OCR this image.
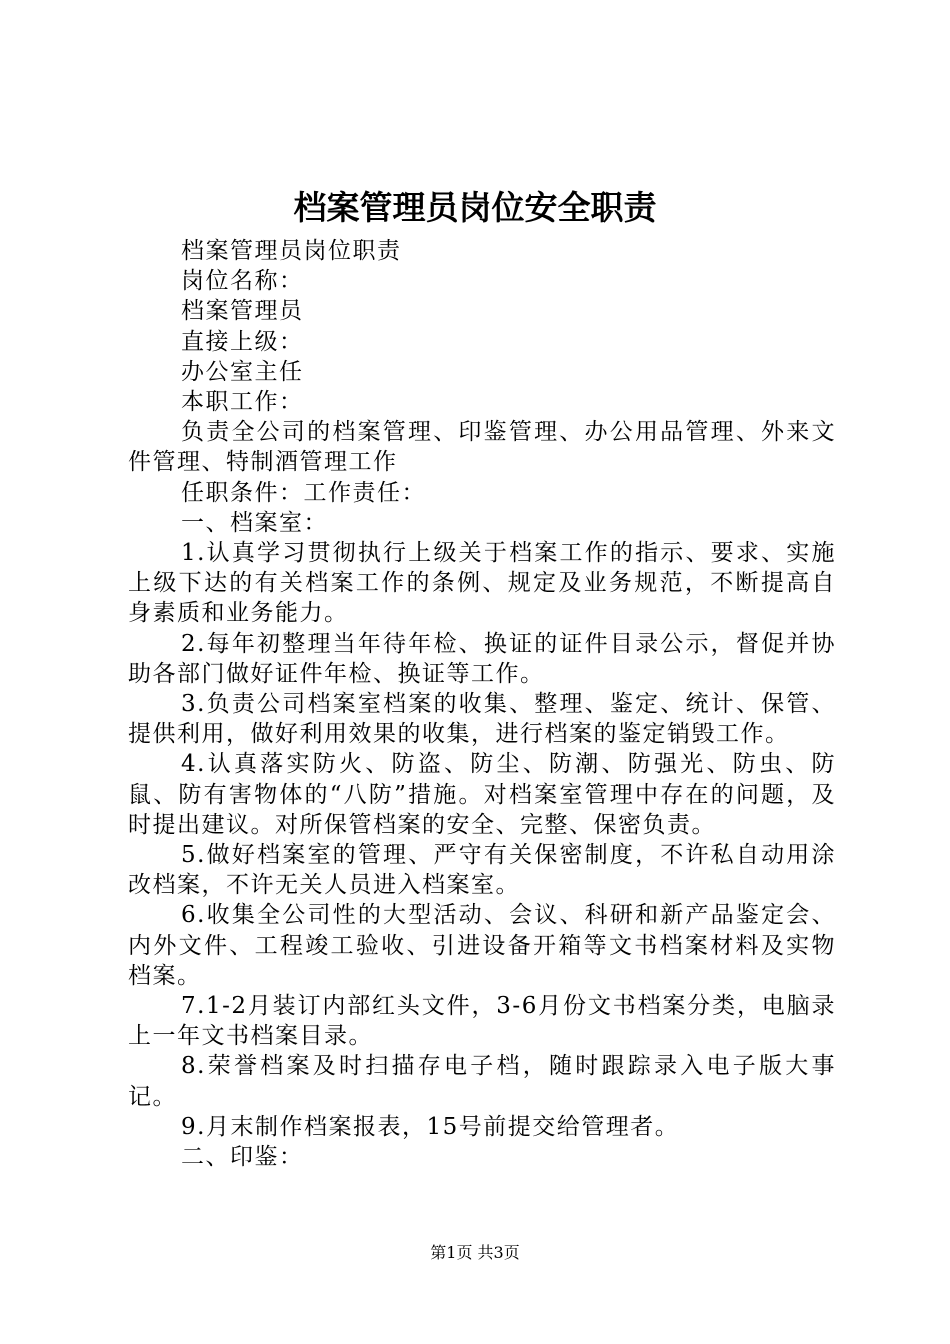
档案管理员岗位安全职责

档案管理员岗位职责

岗位名称：

档案管理员

直接上级：

办公室主任

本职工作：

负责全公司的档案管理、印鉴管理、办公用品管理、外来文件管理、特制酒管理工作

任职条件：工作责任：

一、档案室：

1.认真学习贯彻执行上级关于档案工作的指示、要求、实施上级下达的有关档案工作的条例、规定及业务规范，不断提高自身素质和业务能力。

2.每年初整理当年待年检、换证的证件目录公示，督促并协助各部门做好证件年检、换证等工作。

3.负责公司档案室档案的收集、整理、鉴定、统计、保管、提供利用，做好利用效果的收集，进行档案的鉴定销毁工作。

4.认真落实防火、防盗、防尘、防潮、防强光、防虫、防鼠、防有害物体的“八防”措施。对档案室管理中存在的问题，及时提出建议。对所保管档案的安全、完整、保密负责。

5.做好档案室的管理、严守有关保密制度，不许私自动用涂改档案，不许无关人员进入档案室。

6.收集全公司性的大型活动、会议、科研和新产品鉴定会、内外文件、工程竣工验收、引进设备开箱等文书档案材料及实物档案。

7.1-2月装订内部红头文件，3-6月份文书档案分类，电脑录上一年文书档案目录。

8.荣誉档案及时扫描存电子档，随时跟踪录入电子版大事记。

9.月末制作档案报表，15号前提交给管理者。

二、印鉴：

第1页 共3页
